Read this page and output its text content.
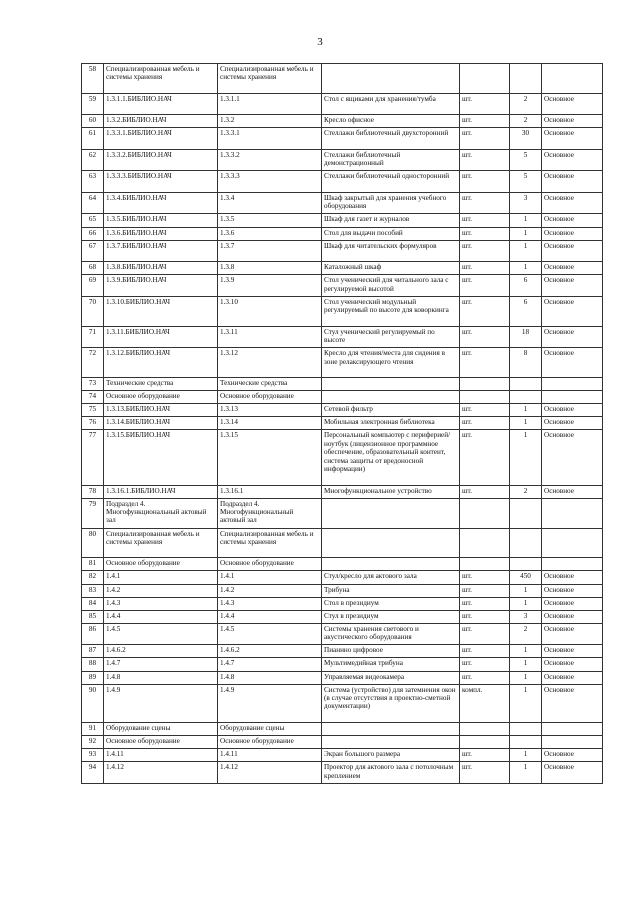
3
58	Специализированная мебель и системы хранения	Специализированная мебель и системы хранения				
59	1.3.1.1.БИБЛИО.НАЧ	1.3.1.1	Стол с ящиками для хранения/тумба	шт.	2	Основное
60	1.3.2.БИБЛИО.НАЧ	1.3.2	Кресло офисное	шт.	2	Основное
61	1.3.3.1.БИБЛИО.НАЧ	1.3.3.1	Стеллажи библиотечный двухсторонний	шт.	30	Основное
62	1.3.3.2.БИБЛИО.НАЧ	1.3.3.2	Стеллажи библиотечный демонстрационный	шт.	5	Основное
63	1.3.3.3.БИБЛИО.НАЧ	1.3.3.3	Стеллажи библиотечный односторонний	шт.	5	Основное
64	1.3.4.БИБЛИО.НАЧ	1.3.4	Шкаф закрытый для хранения учебного оборудования	шт.	3	Основное
65	1.3.5.БИБЛИО.НАЧ	1.3.5	Шкаф для газет и журналов	шт.	1	Основное
66	1.3.6.БИБЛИО.НАЧ	1.3.6	Стол для выдачи пособий	шт.	1	Основное
67	1.3.7.БИБЛИО.НАЧ	1.3.7	Шкаф для читательских формуляров	шт.	1	Основное
68	1.3.8.БИБЛИО.НАЧ	1.3.8	Каталожный шкаф	шт.	1	Основное
69	1.3.9.БИБЛИО.НАЧ	1.3.9	Стол ученический для читального зала с регулируемой высотой	шт.	6	Основное
70	1.3.10.БИБЛИО.НАЧ	1.3.10	Стол ученический модульный регулируемый по высоте для коворкинга	шт.	6	Основное
71	1.3.11.БИБЛИО.НАЧ	1.3.11	Стул ученический регулируемый по высоте	шт.	18	Основное
72	1.3.12.БИБЛИО.НАЧ	1.3.12	Кресло для чтения/места для сидения в зоне релаксирующего чтения	шт.	8	Основное
73	Технические средства	Технические средства				
74	Основное оборудование	Основное оборудование				
75	1.3.13.БИБЛИО.НАЧ	1.3.13	Сетевой фильтр	шт.	1	Основное
76	1.3.14.БИБЛИО.НАЧ	1.3.14	Мобильная электронная библиотека	шт.	1	Основное
77	1.3.15.БИБЛИО.НАЧ	1.3.15	Персональный компьютер с периферией/ноутбук (лицензионное программное обеспечение, образовательный контент, система защиты от вредоносной информации)	шт.	1	Основное
78	1.3.16.1.БИБЛИО.НАЧ	1.3.16.1	Многофункциональное устройство	шт.	2	Основное
79	Подраздел 4. Многофункциональный актовый зал	Подраздел 4. Многофункциональный актовый зал				
80	Специализированная мебель и системы хранения	Специализированная мебель и системы хранения				
81	Основное оборудование	Основное оборудование				
82	1.4.1	1.4.1	Стул/кресло для актового зала	шт.	450	Основное
83	1.4.2	1.4.2	Трибуна	шт.	1	Основное
84	1.4.3	1.4.3	Стол в президиум	шт.	1	Основное
85	1.4.4	1.4.4	Стул в президиум	шт.	3	Основное
86	1.4.5	1.4.5	Системы хранения светового и акустического оборудования	шт.	2	Основное
87	1.4.6.2	1.4.6.2	Пианино цифровое	шт.	1	Основное
88	1.4.7	1.4.7	Мультимедийная трибуна	шт.	1	Основное
89	1.4.8	1.4.8	Управляемая видеокамера	шт.	1	Основное
90	1.4.9	1.4.9	Система (устройство) для затемнения окон (в случае отсутствия в проектно-сметной документации)	компл.	1	Основное
91	Оборудование сцены	Оборудование сцены				
92	Основное оборудование	Основное оборудование				
93	1.4.11	1.4.11	Экран большого размера	шт.	1	Основное
94	1.4.12	1.4.12	Проектор для актового зала с потолочным креплением	шт.	1	Основное
